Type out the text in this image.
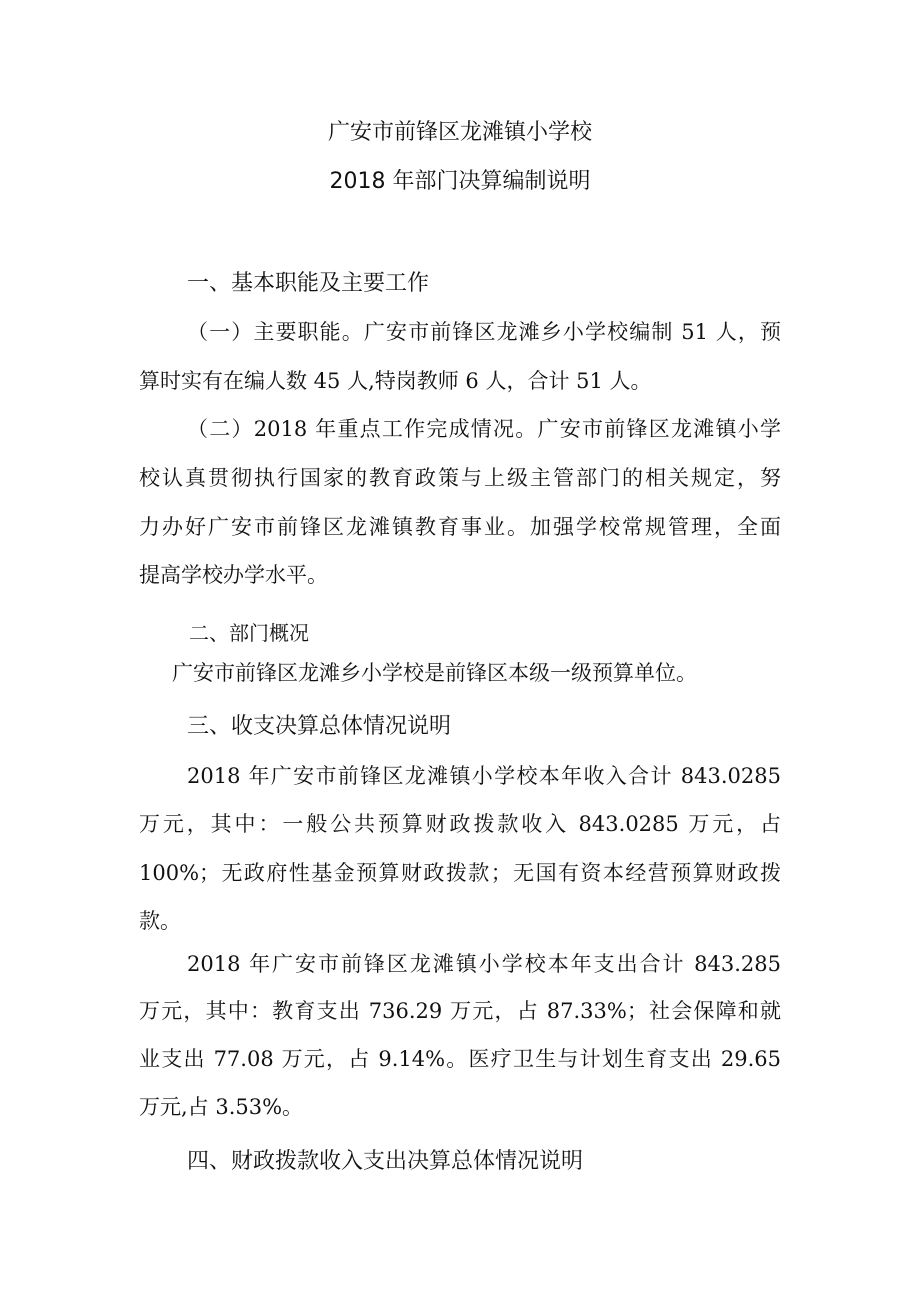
广安市前锋区龙滩镇小学校
2018 年部门决算编制说明
一、基本职能及主要工作
（一）主要职能。广安市前锋区龙滩乡小学校编制 51 人，预
算时实有在编人数 45 人,特岗教师 6 人，合计 51 人。
（二）2018 年重点工作完成情况。广安市前锋区龙滩镇小学
校认真贯彻执行国家的教育政策与上级主管部门的相关规定，努
力办好广安市前锋区龙滩镇教育事业。加强学校常规管理，全面
提高学校办学水平。
二、部门概况
广安市前锋区龙滩乡小学校是前锋区本级一级预算单位。
三、收支决算总体情况说明
2018 年广安市前锋区龙滩镇小学校本年收入合计 843.0285
万元，其中：一般公共预算财政拨款收入 843.0285 万元，占
100%；无政府性基金预算财政拨款；无国有资本经营预算财政拨
款。
2018 年广安市前锋区龙滩镇小学校本年支出合计 843.285
万元，其中：教育支出 736.29 万元，占 87.33%；社会保障和就
业支出 77.08 万元，占 9.14%。医疗卫生与计划生育支出 29.65
万元,占 3.53%。
四、财政拨款收入支出决算总体情况说明
